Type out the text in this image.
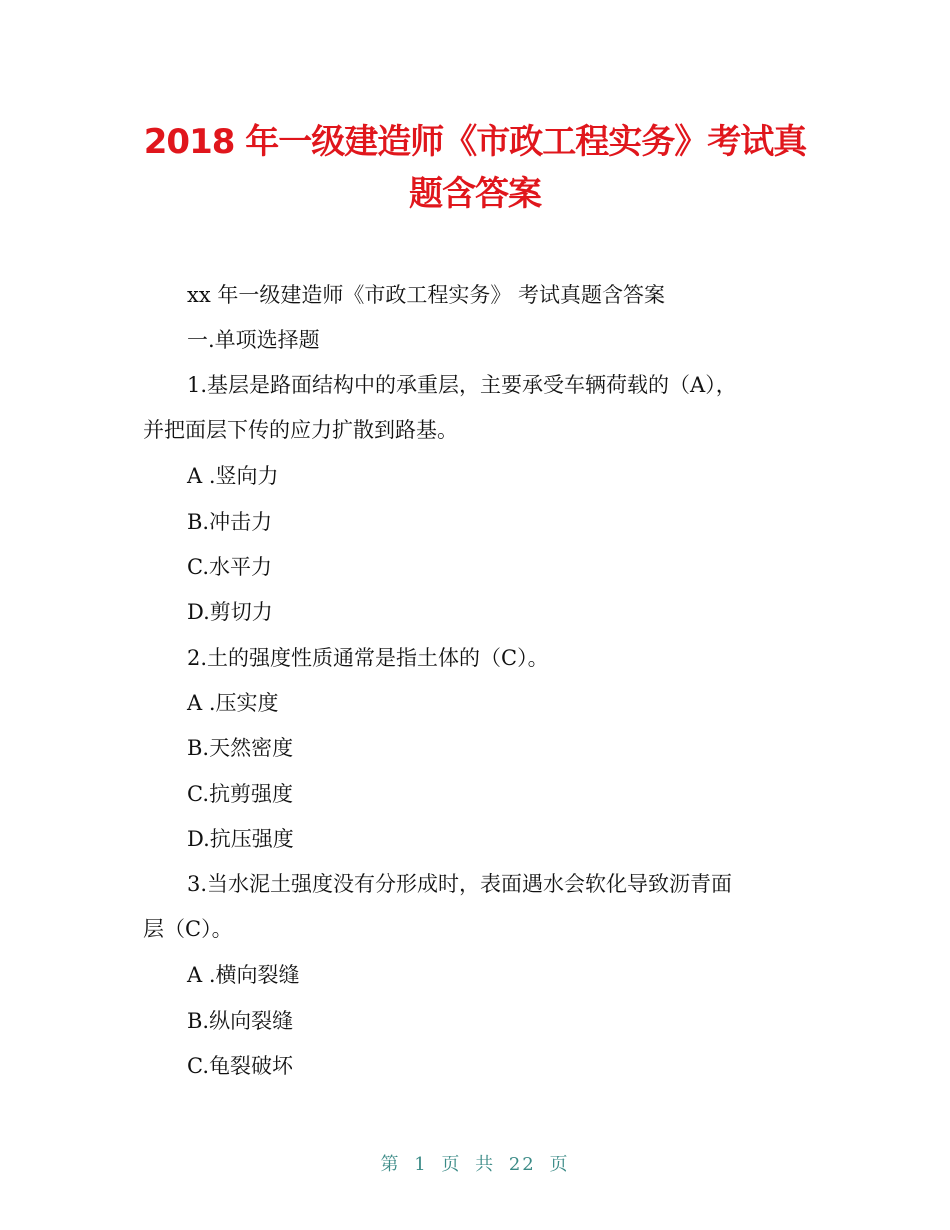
2018 年一级建造师《市政工程实务》考试真
题含答案
xx 年一级建造师《市政工程实务》 考试真题含答案
一.单项选择题
1.基层是路面结构中的承重层，主要承受车辆荷载的（A），
并把面层下传的应力扩散到路基。
A .竖向力
B.冲击力
C.水平力
D.剪切力
2.土的强度性质通常是指土体的（C）。
A .压实度
B.天然密度
C.抗剪强度
D.抗压强度
3.当水泥土强度没有分形成时，表面遇水会软化导致沥青面
层（C）。
A .横向裂缝
B.纵向裂缝
C.龟裂破坏
第 1 页 共 22 页
